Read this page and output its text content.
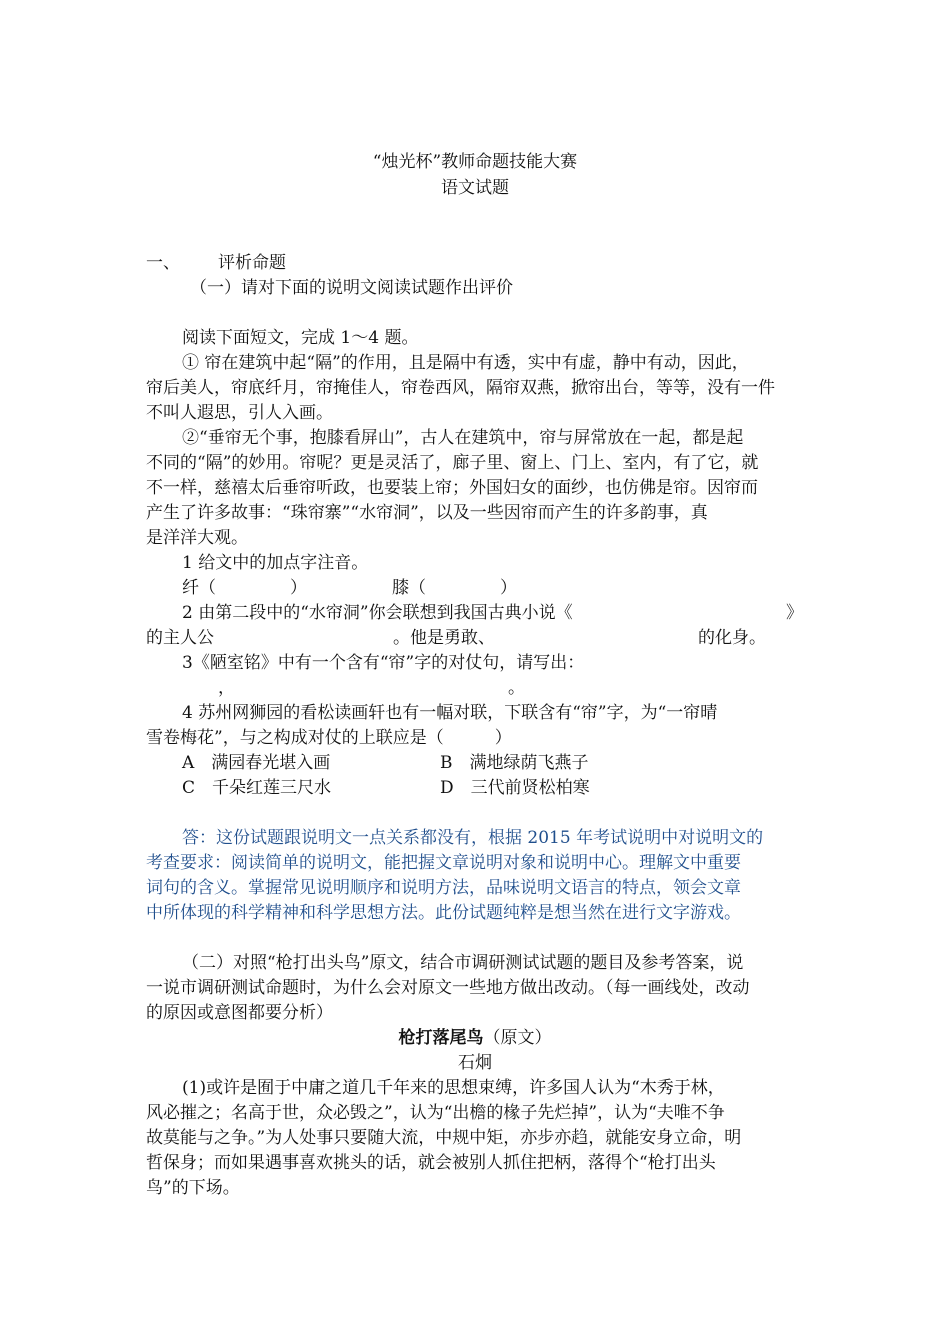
“烛光杯”教师命题技能大赛
语文试题
一、 评析命题
（一）请对下面的说明文阅读试题作出评价
阅读下面短文，完成 1～4 题。
① 帘在建筑中起“隔”的作用，且是隔中有透，实中有虚，静中有动，因此，
帘后美人，帘底纤月，帘掩佳人，帘卷西风，隔帘双燕，掀帘出台，等等，没有一件
不叫人遐思，引人入画。
②“垂帘无个事，抱膝看屏山”，古人在建筑中，帘与屏常放在一起，都是起
不同的“隔”的妙用。帘呢？更是灵活了，廊子里、窗上、门上、室内，有了它，就
不一样，慈禧太后垂帘听政，也要装上帘；外国妇女的面纱，也仿佛是帘。因帘而
产生了许多故事：“珠帘寨”“水帘洞”，以及一些因帘而产生的许多韵事，真
是洋洋大观。
1 给文中的加点字注音。
纤（	）	膝（	）
2 由第二段中的“水帘洞”你会联想到我国古典小说《	》
的主人公	。他是勇敢、	的化身。
3《陋室铭》中有一个含有“帘”字的对仗句，请写出：
，	。
4 苏州网狮园的看松读画轩也有一幅对联，下联含有“帘”字，为“一帘晴
雪卷梅花”，与之构成对仗的上联应是（　　　）
A　满园春光堪入画	B　满地绿荫飞燕子
C　千朵红莲三尺水	D　三代前贤松柏寒
答：这份试题跟说明文一点关系都没有，根据 2015 年考试说明中对说明文的
考查要求：阅读简单的说明文，能把握文章说明对象和说明中心。理解文中重要
词句的含义。掌握常见说明顺序和说明方法，品味说明文语言的特点，领会文章
中所体现的科学精神和科学思想方法。此份试题纯粹是想当然在进行文字游戏。
（二）对照“枪打出头鸟”原文，结合市调研测试试题的题目及参考答案，说
一说市调研测试命题时，为什么会对原文一些地方做出改动。（每一画线处，改动
的原因或意图都要分析）
枪打落尾鸟（原文）
石炯
(1)或许是囿于中庸之道几千年来的思想束缚，许多国人认为“木秀于林，
风必摧之；名高于世，众必毁之”，认为“出檐的椽子先烂掉”，认为“夫唯不争
故莫能与之争。”为人处事只要随大流，中规中矩，亦步亦趋，就能安身立命，明
哲保身；而如果遇事喜欢挑头的话，就会被别人抓住把柄，落得个“枪打出头
鸟”的下场。
